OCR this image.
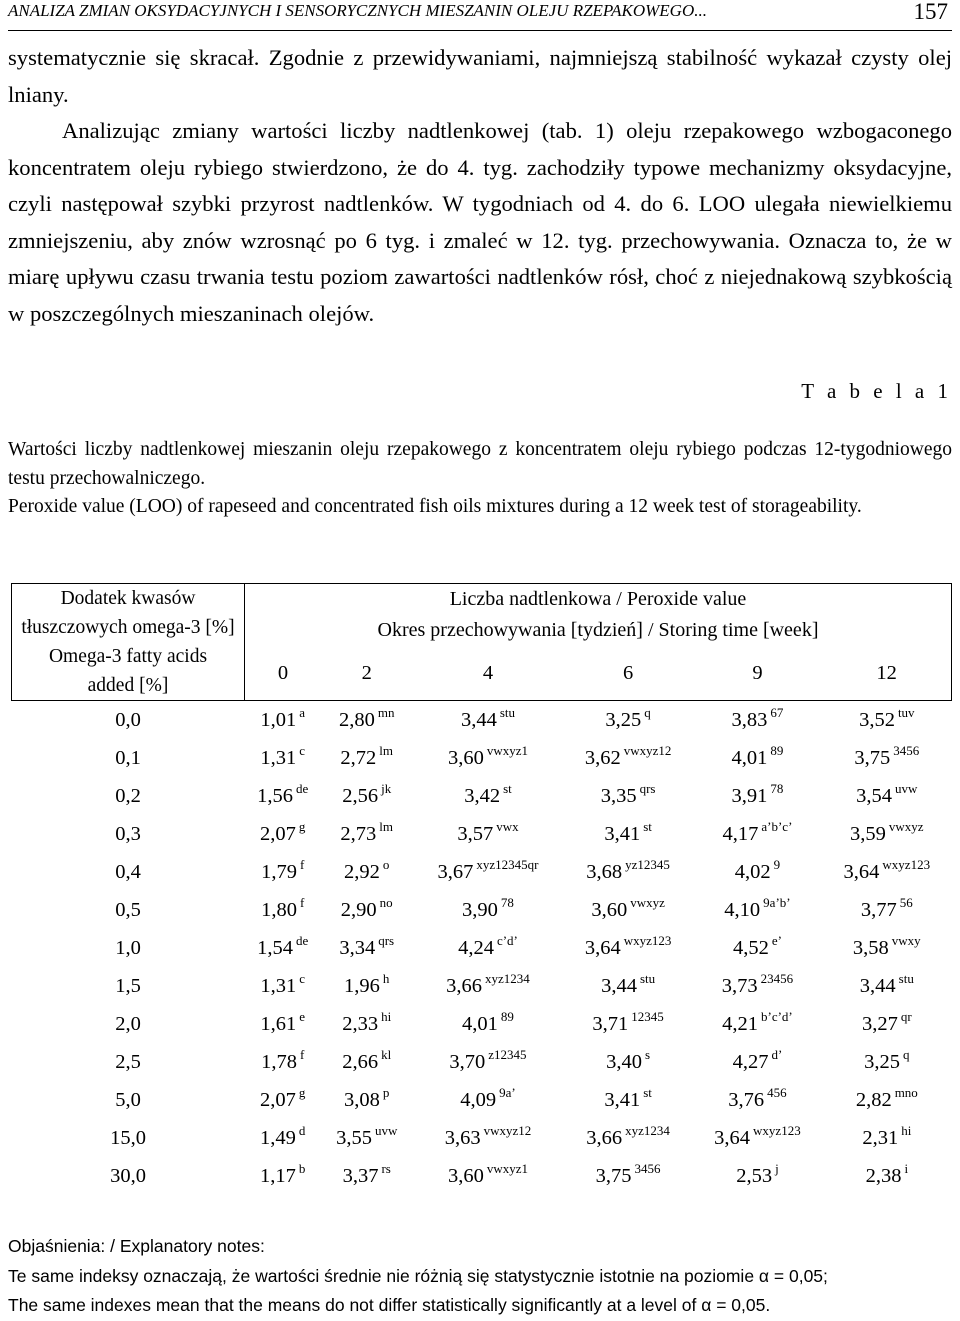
ANALIZA ZMIAN OKSYDACYJNYCH I SENSORYCZNYCH MIESZANIN OLEJU RZEPAKOWEGO...	157

systematycznie się skracał. Zgodnie z przewidywaniami, najmniejszą stabilność wykazał czysty olej lniany.

Analizując zmiany wartości liczby nadtlenkowej (tab. 1) oleju rzepakowego wzbogaconego koncentratem oleju rybiego stwierdzono, że do 4. tyg. zachodziły typowe mechanizmy oksydacyjne, czyli następował szybki przyrost nadtlenków. W tygodniach od 4. do 6. LOO ulegała niewielkiemu zmniejszeniu, aby znów wzrosnąć po 6 tyg. i zmaleć w 12. tyg. przechowywania. Oznacza to, że w miarę upływu czasu trwania testu poziom zawartości nadtlenków rósł, choć z niejednakową szybkością w poszczególnych mieszaninach olejów.

T a b e l a 1

Wartości liczby nadtlenkowej mieszanin oleju rzepakowego z koncentratem oleju rybiego podczas 12-tygodniowego testu przechowalniczego.

Peroxide value (LOO) of rapeseed and concentrated fish oils mixtures during a 12 week test of storageability.

Dodatek kwasów tłuszczowych omega-3 [%]
Omega-3 fatty acids added [%]	Liczba nadtlenkowa / Peroxide value					
	Okres przechowywania [tydzień] / Storing time [week]					
	0	2	4	6	9	12
0,0	1,01 $^a$	2,80 $^{mn}$	3,44 $^{stu}$	3,25 $^q$	3,83 $^{67}$	3,52 $^{tuv}$
0,1	1,31 $^c$	2,72 $^{lm}$	3,60 $^{vwxyz1}$	3,62 $^{vwxyz12}$	4,01 $^{89}$	3,75 $^{3456}$
0,2	1,56 $^{de}$	2,56 $^{jk}$	3,42 $^{st}$	3,35 $^{qrs}$	3,91 $^{78}$	3,54 $^{uvw}$
0,3	2,07 $^g$	2,73 $^{lm}$	3,57 $^{vwx}$	3,41 $^{st}$	4,17 $^{a’b’c’}$	3,59 $^{vwxyz}$
0,4	1,79 $^f$	2,92 $^o$	3,67 $^{xyz12345qr}$	3,68 $^{yz12345}$	4,02 $^9$	3,64 $^{wxyz123}$
0,5	1,80 $^f$	2,90 $^{no}$	3,90 $^{78}$	3,60 $^{vwxyz}$	4,10 $^{9a’b’}$	3,77 $^{56}$
1,0	1,54 $^{de}$	3,34 $^{qrs}$	4,24 $^{c’d’}$	3,64 $^{wxyz123}$	4,52 $^{e’}$	3,58 $^{vwxy}$
1,5	1,31 $^c$	1,96 $^h$	3,66 $^{xyz1234}$	3,44 $^{stu}$	3,73 $^{23456}$	3,44 $^{stu}$
2,0	1,61 $^e$	2,33 $^{hi}$	4,01 $^{89}$	3,71 $^{12345}$	4,21 $^{b’c’d’}$	3,27 $^{qr}$
2,5	1,78 $^f$	2,66 $^{kl}$	3,70 $^{z12345}$	3,40 $^s$	4,27 $^{d’}$	3,25 $^q$
5,0	2,07 $^g$	3,08 $^p$	4,09 $^{9a’}$	3,41 $^{st}$	3,76 $^{456}$	2,82 $^{mno}$
15,0	1,49 $^d$	3,55 $^{uvw}$	3,63 $^{vwxyz12}$	3,66 $^{xyz1234}$	3,64 $^{wxyz123}$	2,31 $^{hi}$
30,0	1,17 $^b$	3,37 $^{rs}$	3,60 $^{vwxyz1}$	3,75 $^{3456}$	2,53 $^j$	2,38 $^i$

Objaśnienia: / Explanatory notes:

Te same indeksy oznaczają, że wartości średnie nie różnią się statystycznie istotnie na poziomie α = 0,05;

The same indexes mean that the means do not differ statistically significantly at a level of α = 0,05.
